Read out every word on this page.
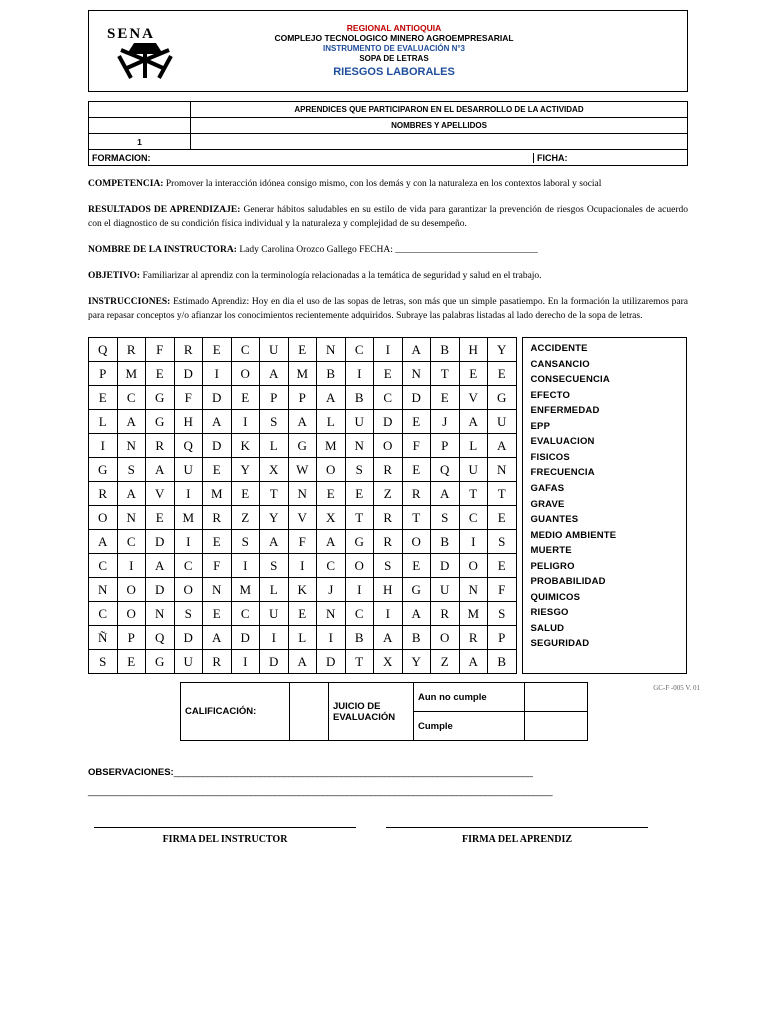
SENA	REGIONAL ANTIOQUIA
COMPLEJO TECNOLOGICO MINERO AGROEMPRESARIAL
INSTRUMENTO DE EVALUACIÓN N°3
SOPA DE LETRAS
RIESGOS LABORALES
	APRENDICES QUE PARTICIPARON EN EL DESARROLLO DE LA ACTIVIDAD
	NOMBRES Y APELLIDOS
1	
FORMACION:	FICHA:
COMPETENCIA: Promover la interacción idónea consigo mismo, con los demás y con la naturaleza en los contextos laboral y social
RESULTADOS DE APRENDIZAJE: Generar hábitos saludables en su estilo de vida para garantizar la prevención de riesgos Ocupacionales de acuerdo con el diagnostico de su condición física individual y la naturaleza y complejidad de su desempeño.
NOMBRE DE LA INSTRUCTORA: Lady Carolina Orozco Gallego FECHA: ______________________________
OBJETIVO: Familiarizar al aprendiz con la terminología relacionadas a la temática de seguridad y salud en el trabajo.
INSTRUCCIONES: Estimado Aprendiz: Hoy en dia el uso de las sopas de letras, son más que un simple pasatiempo. En la formación la utilizaremos para para repasar conceptos y/o afianzar los conocimientos recientemente adquiridos. Subraye las palabras listadas al lado derecho de la sopa de letras.
Q	R	F	R	E	C	U	E	N	C	I	A	B	H	Y
P	M	E	D	I	O	A	M	B	I	E	N	T	E	E
E	C	G	F	D	E	P	P	A	B	C	D	E	V	G
L	A	G	H	A	I	S	A	L	U	D	E	J	A	U
I	N	R	Q	D	K	L	G	M	N	O	F	P	L	A
G	S	A	U	E	Y	X	W	O	S	R	E	Q	U	N
R	A	V	I	M	E	T	N	E	E	Z	R	A	T	T
O	N	E	M	R	Z	Y	V	X	T	R	T	S	C	E
A	C	D	I	E	S	A	F	A	G	R	O	B	I	S
C	I	A	C	F	I	S	I	C	O	S	E	D	O	E
N	O	D	O	N	M	L	K	J	I	H	G	U	N	F
C	O	N	S	E	C	U	E	N	C	I	A	R	M	S
Ñ	P	Q	D	A	D	I	L	I	B	A	B	O	R	P
S	E	G	U	R	I	D	A	D	T	X	Y	Z	A	B
ACCIDENTE
CANSANCIO
CONSECUENCIA
EFECTO
ENFERMEDAD
EPP
EVALUACION
FISICOS
FRECUENCIA
GAFAS
GRAVE
GUANTES
MEDIO AMBIENTE
MUERTE
PELIGRO
PROBABILIDAD
QUIMICOS
RIESGO
SALUD
SEGURIDAD
GC-F -005 V. 01
CALIFICACIÓN:		JUICIO DE EVALUACIÓN	Aun no cumple	
			Cumple	
OBSERVACIONES:___________________________________________________________________________
_________________________________________________________________________________________________
FIRMA DEL INSTRUCTOR	FIRMA DEL APRENDIZ
